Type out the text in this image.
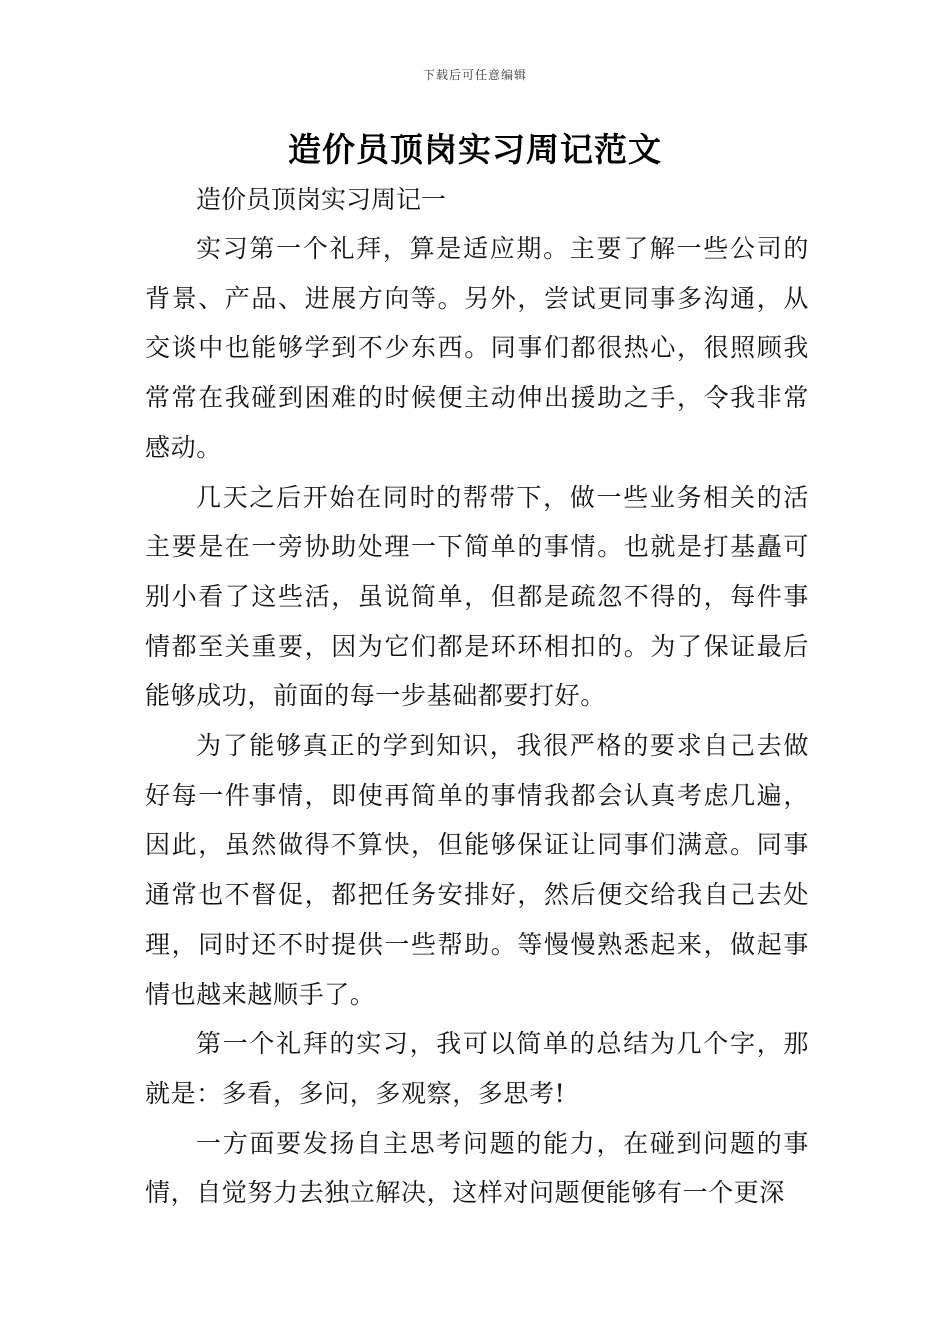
下载后可任意编辑
造价员顶岗实习周记范文
造价员顶岗实习周记一

实习第一个礼拜，算是适应期。主要了解一些公司的背景、产品、进展方向等。另外，尝试更同事多沟通，从交谈中也能够学到不少东西。同事们都很热心，很照顾我常常在我碰到困难的时候便主动伸出援助之手，令我非常感动。

几天之后开始在同时的帮带下，做一些业务相关的活主要是在一旁协助处理一下简单的事情。也就是打基矗可别小看了这些活，虽说简单，但都是疏忽不得的，每件事情都至关重要，因为它们都是环环相扣的。为了保证最后能够成功，前面的每一步基础都要打好。

为了能够真正的学到知识，我很严格的要求自己去做好每一件事情，即使再简单的事情我都会认真考虑几遍，因此，虽然做得不算快，但能够保证让同事们满意。同事通常也不督促，都把任务安排好，然后便交给我自己去处理，同时还不时提供一些帮助。等慢慢熟悉起来，做起事情也越来越顺手了。

第一个礼拜的实习，我可以简单的总结为几个字，那就是：多看，多问，多观察，多思考!

一方面要发扬自主思考问题的能力，在碰到问题的事情，自觉努力去独立解决，这样对问题便能够有一个更深
